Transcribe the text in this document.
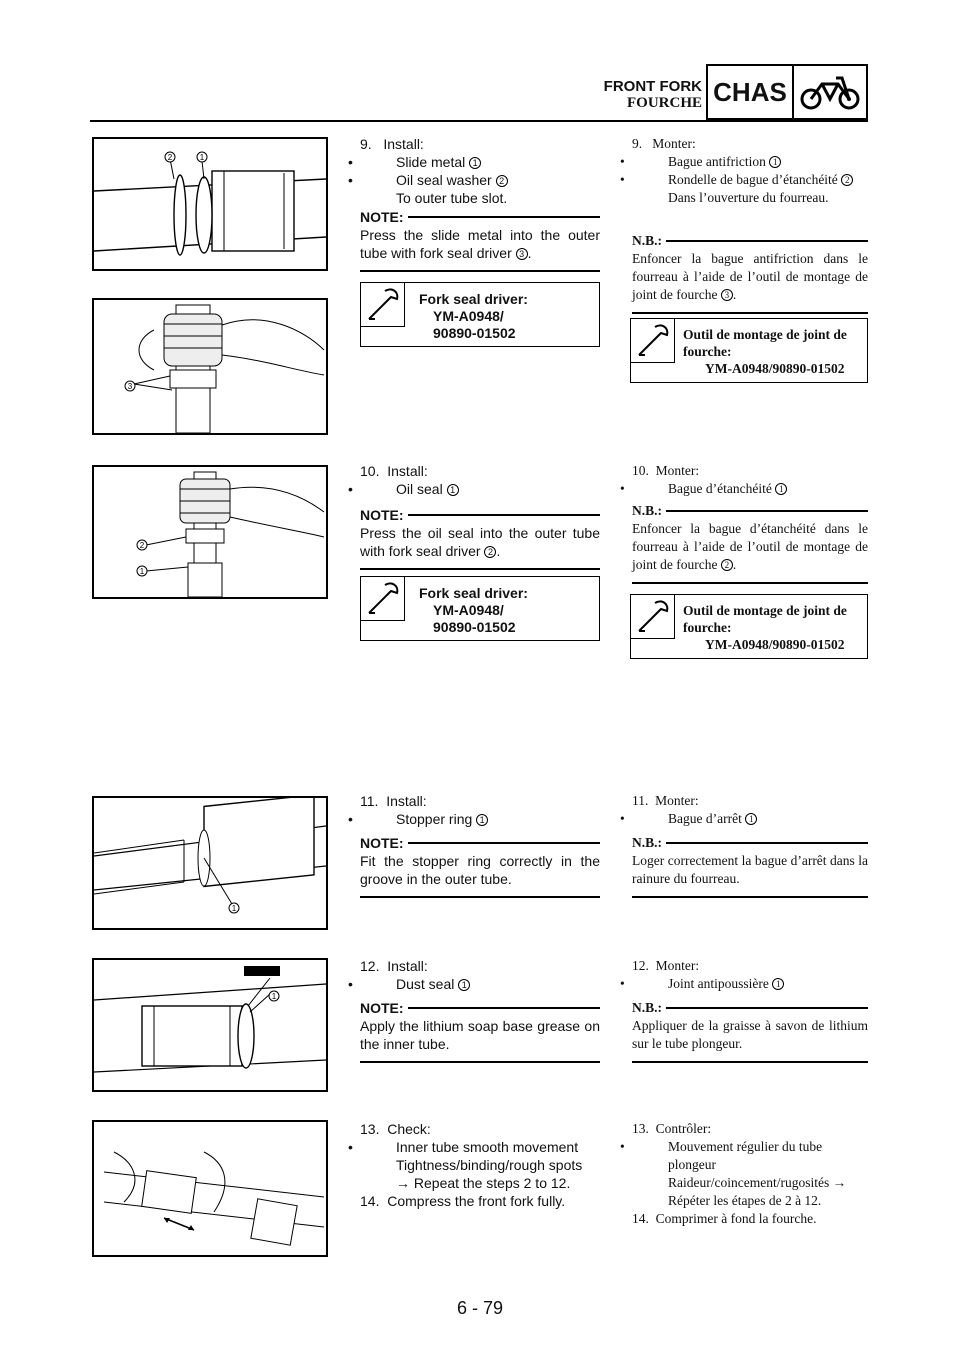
FRONT FORK
FOURCHE CHAS
2	1
3
2
1
1
1
9. Install:
• Slide metal 1
• Oil seal washer 2
To outer tube slot.
NOTE:
Press the slide metal into the outer tube with fork seal driver 3 .
Fork seal driver:
YM-A0948/
90890-01502
9. Monter:
• Bague antifriction 1
• Rondelle de bague d’étanchéité 2
Dans l’ouverture du fourreau.
N.B.:
Enfoncer la bague antifriction dans le fourreau à l’aide de l’outil de montage de joint de fourche 3 .
Outil de montage de joint de fourche:
YM-A0948/90890-01502
10. Install:
• Oil seal 1
NOTE:
Press the oil seal into the outer tube with fork seal driver 2 .
Fork seal driver:
YM-A0948/
90890-01502
10. Monter:
• Bague d’étanchéité 1
N.B.:
Enfoncer la bague d’étanchéité dans le fourreau à l’aide de l’outil de montage de joint de fourche 2 .
Outil de montage de joint de fourche:
YM-A0948/90890-01502
11. Install:
• Stopper ring 1
NOTE:
Fit the stopper ring correctly in the groove in the outer tube.
11. Monter:
• Bague d’arrêt 1
N.B.:
Loger correctement la bague d’arrêt dans la rainure du fourreau.
12. Install:
• Dust seal 1
NOTE:
Apply the lithium soap base grease on the inner tube.
12. Monter:
• Joint antipoussière 1
N.B.:
Appliquer de la graisse à savon de lithium sur le tube plongeur.
13. Check:
• Inner tube smooth movement
Tightness/binding/rough spots
→ Repeat the steps 2 to 12.
14. Compress the front fork fully.
13. Contrôler:
• Mouvement régulier du tube plongeur
Raideur/coincement/rugosités →
Répéter les étapes de 2 à 12.
14. Comprimer à fond la fourche.
6 - 79
